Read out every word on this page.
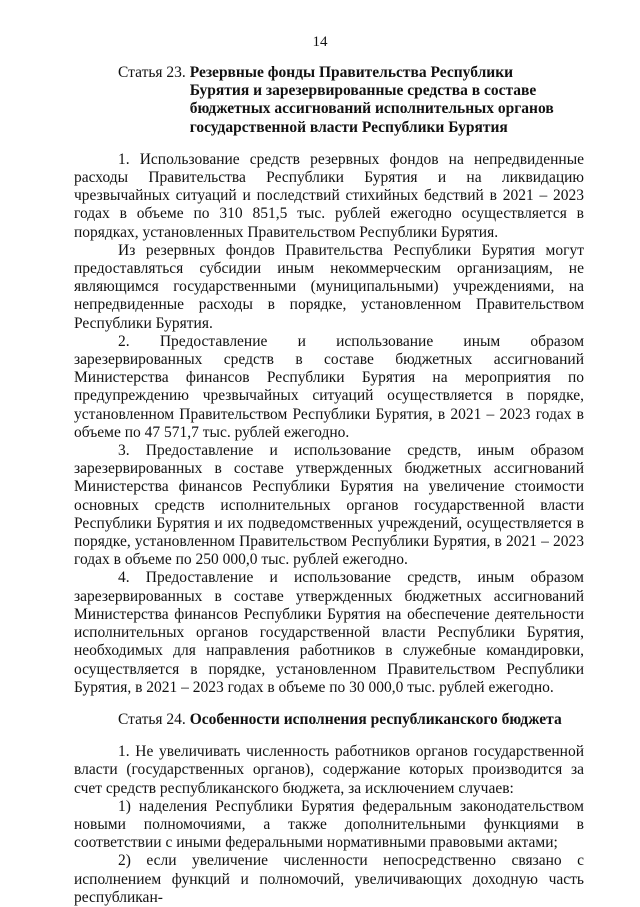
14
Статья 23. Резервные фонды Правительства Республики Бурятия и зарезервированные средства в составе бюджетных ассигнований исполнительных органов государственной власти Республики Бурятия

1. Использование средств резервных фондов на непредвиденные расходы Правительства Республики Бурятия и на ликвидацию чрезвычайных ситуаций и последствий стихийных бедствий в 2021 – 2023 годах в объеме по 310 851,5 тыс. рублей ежегодно осуществляется в порядках, установленных Правительством Республики Бурятия.

Из резервных фондов Правительства Республики Бурятия могут предоставляться субсидии иным некоммерческим организациям, не являющимся государственными (муниципальными) учреждениями, на непредвиденные расходы в порядке, установленном Правительством Республики Бурятия.

2. Предоставление и использование иным образом зарезервированных средств в составе бюджетных ассигнований Министерства финансов Республики Бурятия на мероприятия по предупреждению чрезвычайных ситуаций осуществляется в порядке, установленном Правительством Республики Бурятия, в 2021 – 2023 годах в объеме по 47 571,7 тыс. рублей ежегодно.

3. Предоставление и использование средств, иным образом зарезервированных в составе утвержденных бюджетных ассигнований Министерства финансов Республики Бурятия на увеличение стоимости основных средств исполнительных органов государственной власти Республики Бурятия и их подведомственных учреждений, осуществляется в порядке, установленном Правительством Республики Бурятия, в 2021 – 2023 годах в объеме по 250 000,0 тыс. рублей ежегодно.

4. Предоставление и использование средств, иным образом зарезервированных в составе утвержденных бюджетных ассигнований Министерства финансов Республики Бурятия на обеспечение деятельности исполнительных органов государственной власти Республики Бурятия, необходимых для направления работников в служебные командировки, осуществляется в порядке, установленном Правительством Республики Бурятия, в 2021 – 2023 годах в объеме по 30 000,0 тыс. рублей ежегодно.

Статья 24. Особенности исполнения республиканского бюджета

1. Не увеличивать численность работников органов государственной власти (государственных органов), содержание которых производится за счет средств республиканского бюджета, за исключением случаев:

1) наделения Республики Бурятия федеральным законодательством новыми полномочиями, а также дополнительными функциями в соответствии с иными федеральными нормативными правовыми актами;

2) если увеличение численности непосредственно связано с исполнением функций и полномочий, увеличивающих доходную часть республикан-
